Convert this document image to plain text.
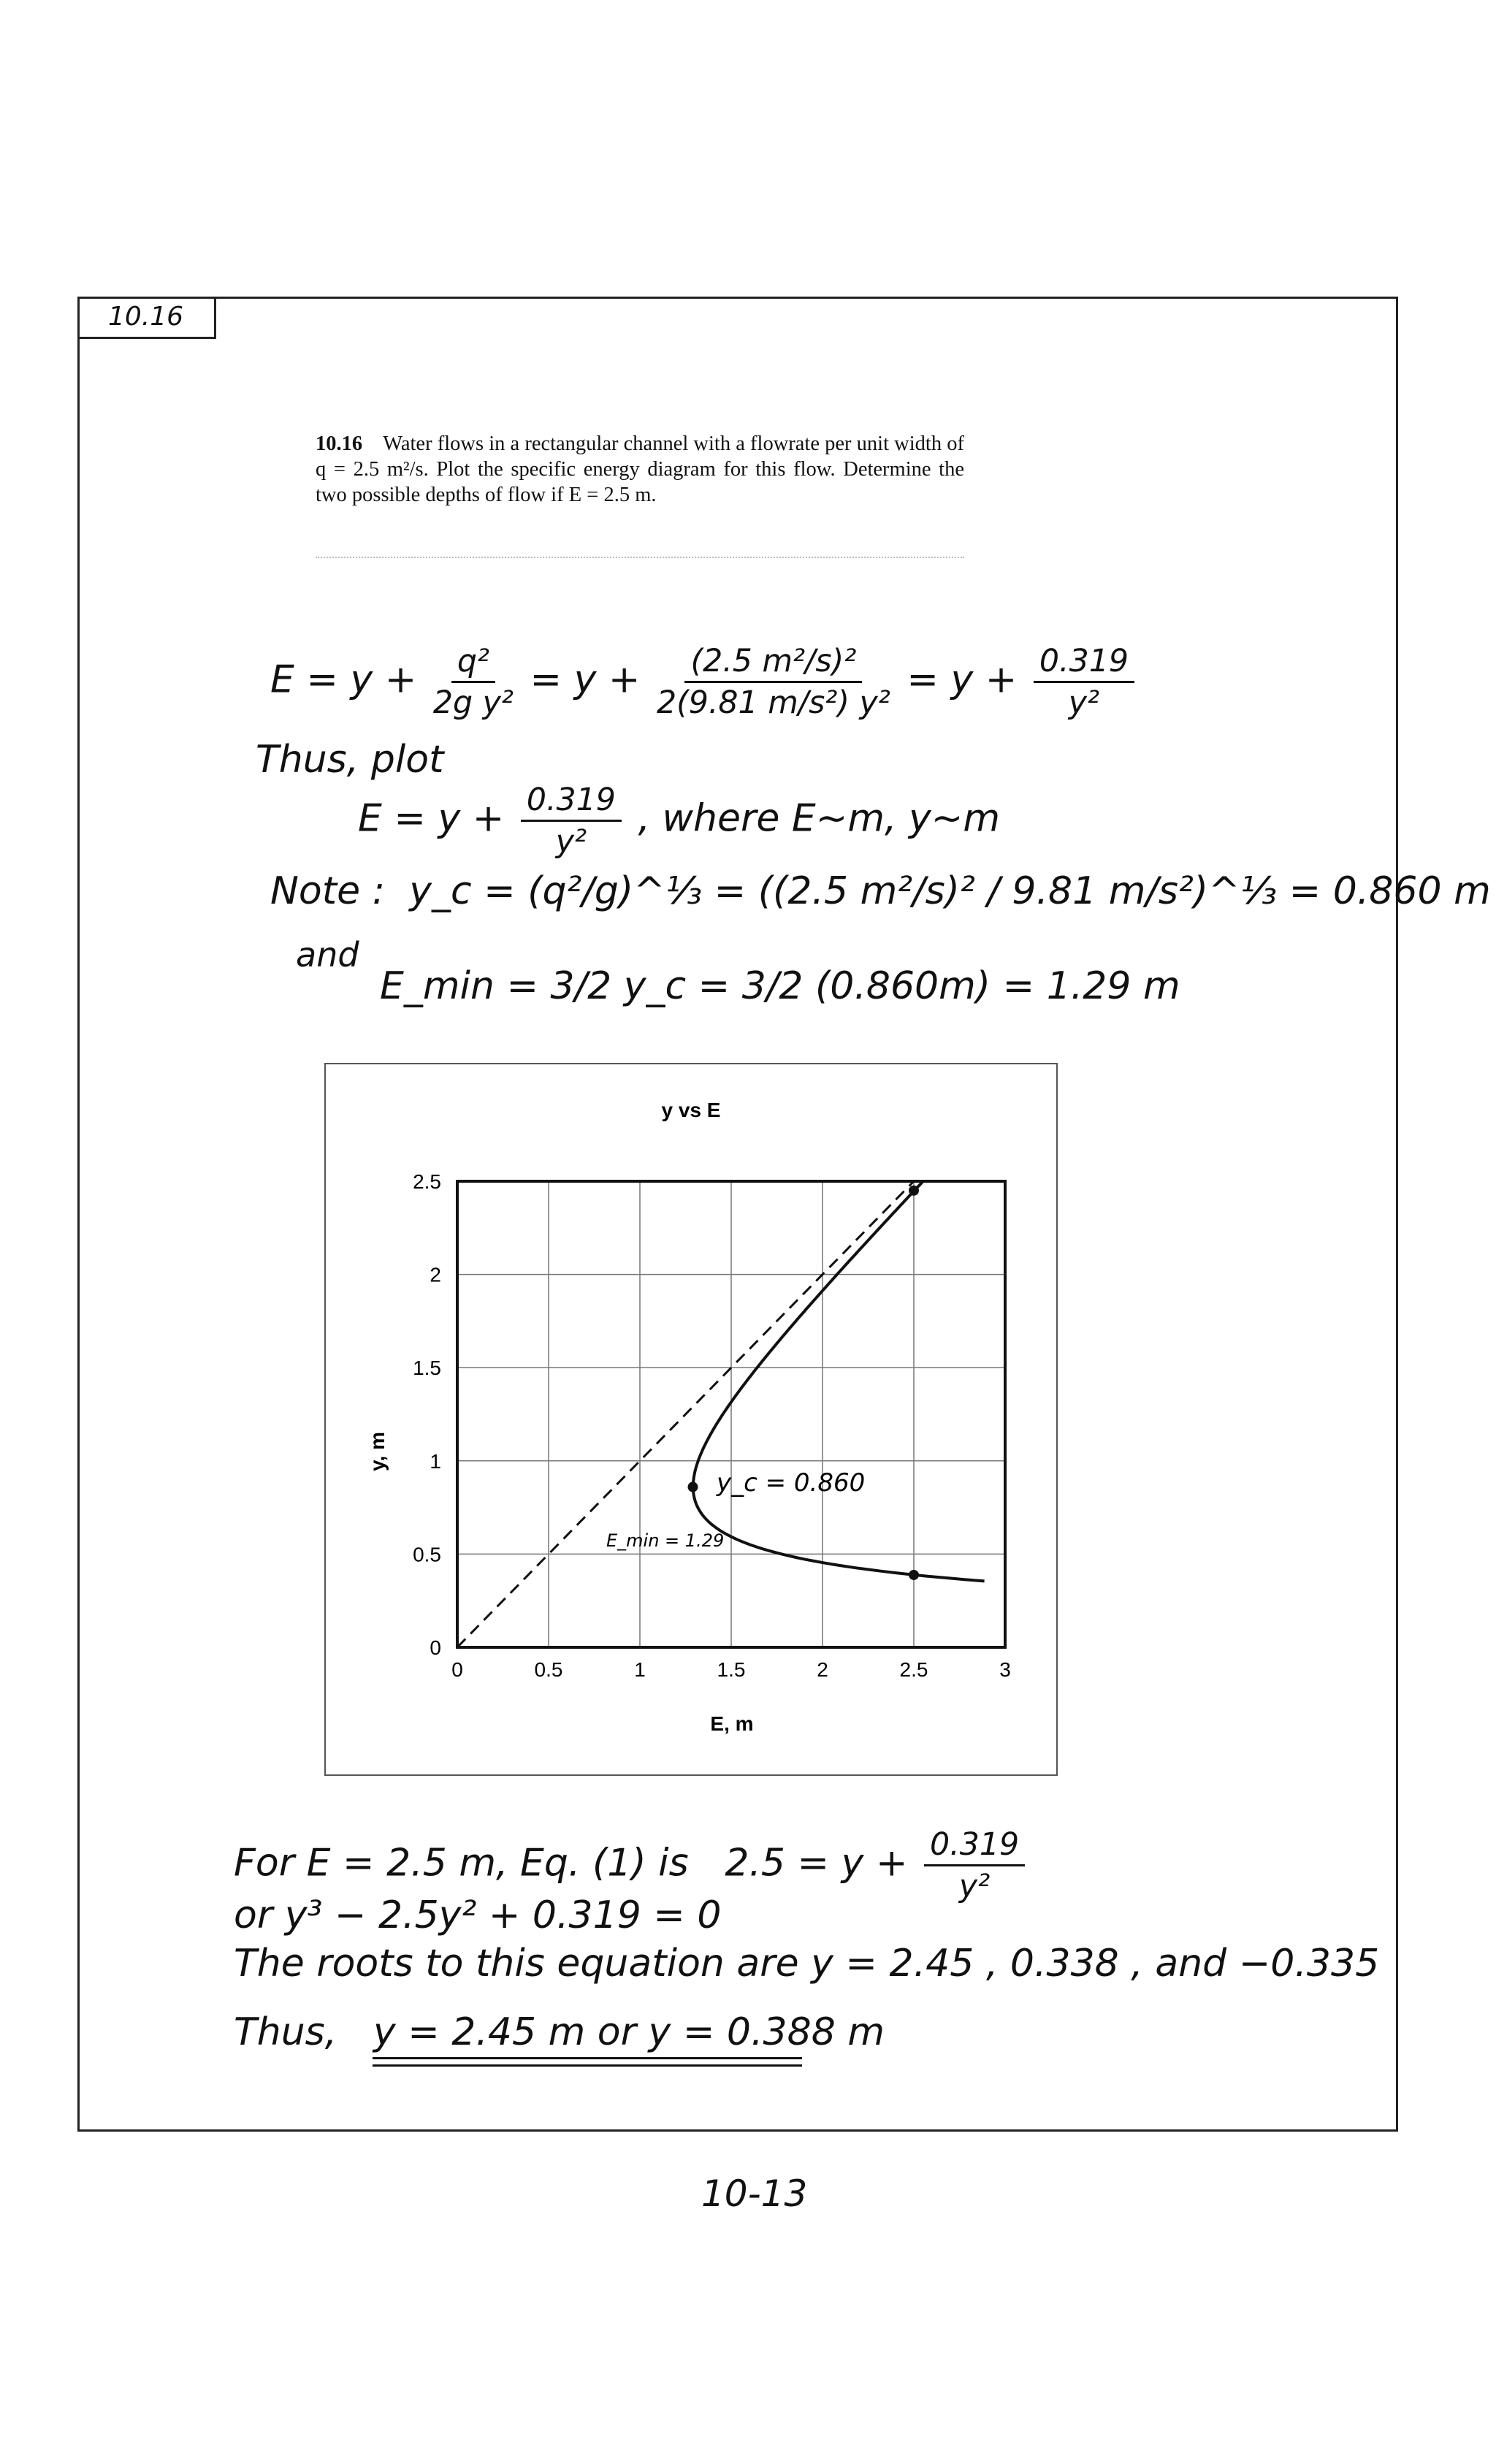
10.16
10.16 Water flows in a rectangular channel with a flowrate per unit width of q = 2.5 m²/s. Plot the specific energy diagram for this flow. Determine the two possible depths of flow if E = 2.5 m.
$E = y + \frac{\text{q²}}{\text{2g y²}} = y + \frac{\text{(2.5 m²/s)²}}{\text{2(9.81 m/s²) y²}} = y + \frac{0.319}{\text{y²}}$
Thus, plot
$E = y + \frac{0.319}{\text{y²}}$ , where E~m, y~m
Note : y_c = (q²/g)^⅓ = ((2.5 m²/s)² / 9.81 m/s²)^⅓ = 0.860 m
and
E_min = 3/2 y_c = 3/2 (0.860m) = 1.29 m
0	0.5	1	1.5	2	2.5	3
0
0.5
1
1.5
2
2.5
y vs E
E, m
y, m
y_c = 0.860
E_min = 1.29
For E = 2.5 m, Eq. (1) is $2.5 = y + \frac{0.319}{\text{y²}}$
or y³ − 2.5y² + 0.319 = 0
The roots to this equation are y = 2.45 , 0.338 , and −0.335
Thus, y = 2.45 m or y = 0.388 m
10-13
